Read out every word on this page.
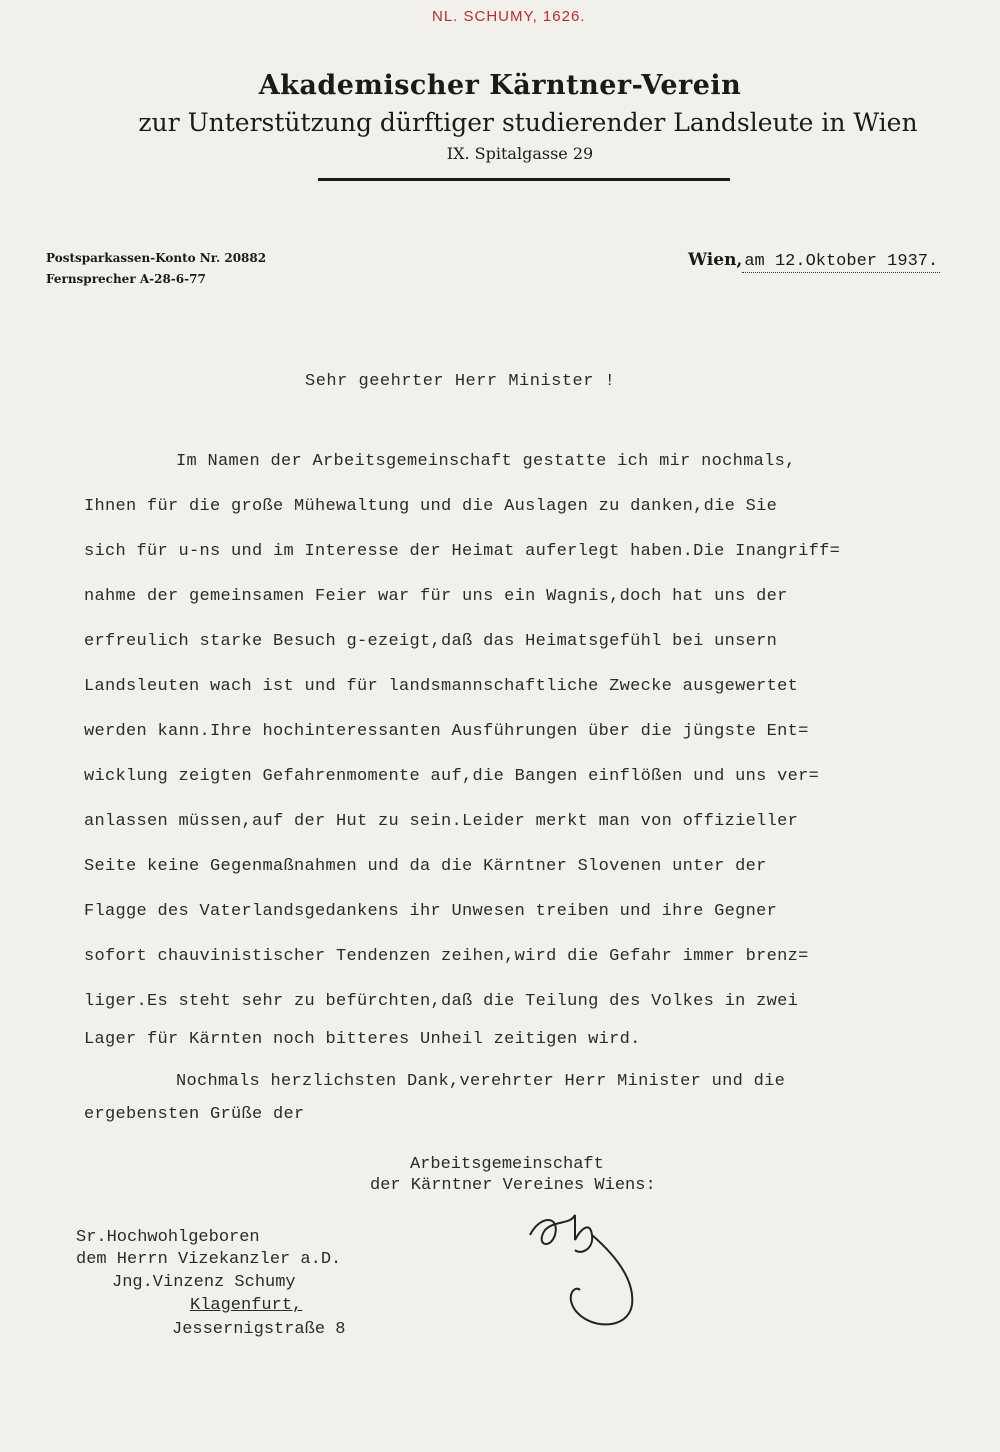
NL. SCHUMY, 1626.
Akademischer Kärntner-Verein
zur Unterstützung dürftiger studierender Landsleute in Wien
IX. Spitalgasse 29
Postsparkassen-Konto Nr. 20882
Fernsprecher A-28-6-77
Wien, am 12.Oktober 1937.
Sehr geehrter Herr Minister !
Im Namen der Arbeitsgemeinschaft gestatte ich mir nochmals,
Ihnen für die große Mühewaltung und die Auslagen zu danken,die Sie
sich für u-ns und im Interesse der Heimat auferlegt haben.Die Inangriff=
nahme der gemeinsamen Feier war für uns ein Wagnis,doch hat uns der
erfreulich starke Besuch g-ezeigt,daß das Heimatsgefühl bei unsern
Landsleuten wach ist und für landsmannschaftliche Zwecke ausgewertet
werden kann.Ihre hochinteressanten Ausführungen über die jüngste Ent=
wicklung zeigten Gefahrenmomente auf,die Bangen einflößen und uns ver=
anlassen müssen,auf der Hut zu sein.Leider merkt man von offizieller
Seite keine Gegenmaßnahmen und da die Kärntner Slovenen unter der
Flagge des Vaterlandsgedankens ihr Unwesen treiben und ihre Gegner
sofort chauvinistischer Tendenzen zeihen,wird die Gefahr immer brenz=
liger.Es steht sehr zu befürchten,daß die Teilung des Volkes in zwei
Lager für Kärnten noch bitteres Unheil zeitigen wird.
Nochmals herzlichsten Dank,verehrter Herr Minister und die
ergebensten Grüße der
Arbeitsgemeinschaft
der Kärntner Vereines Wiens:
Sr.Hochwohlgeboren
dem Herrn Vizekanzler a.D.
Jng.Vinzenz Schumy
Klagenfurt,
Jessernigstraße 8
